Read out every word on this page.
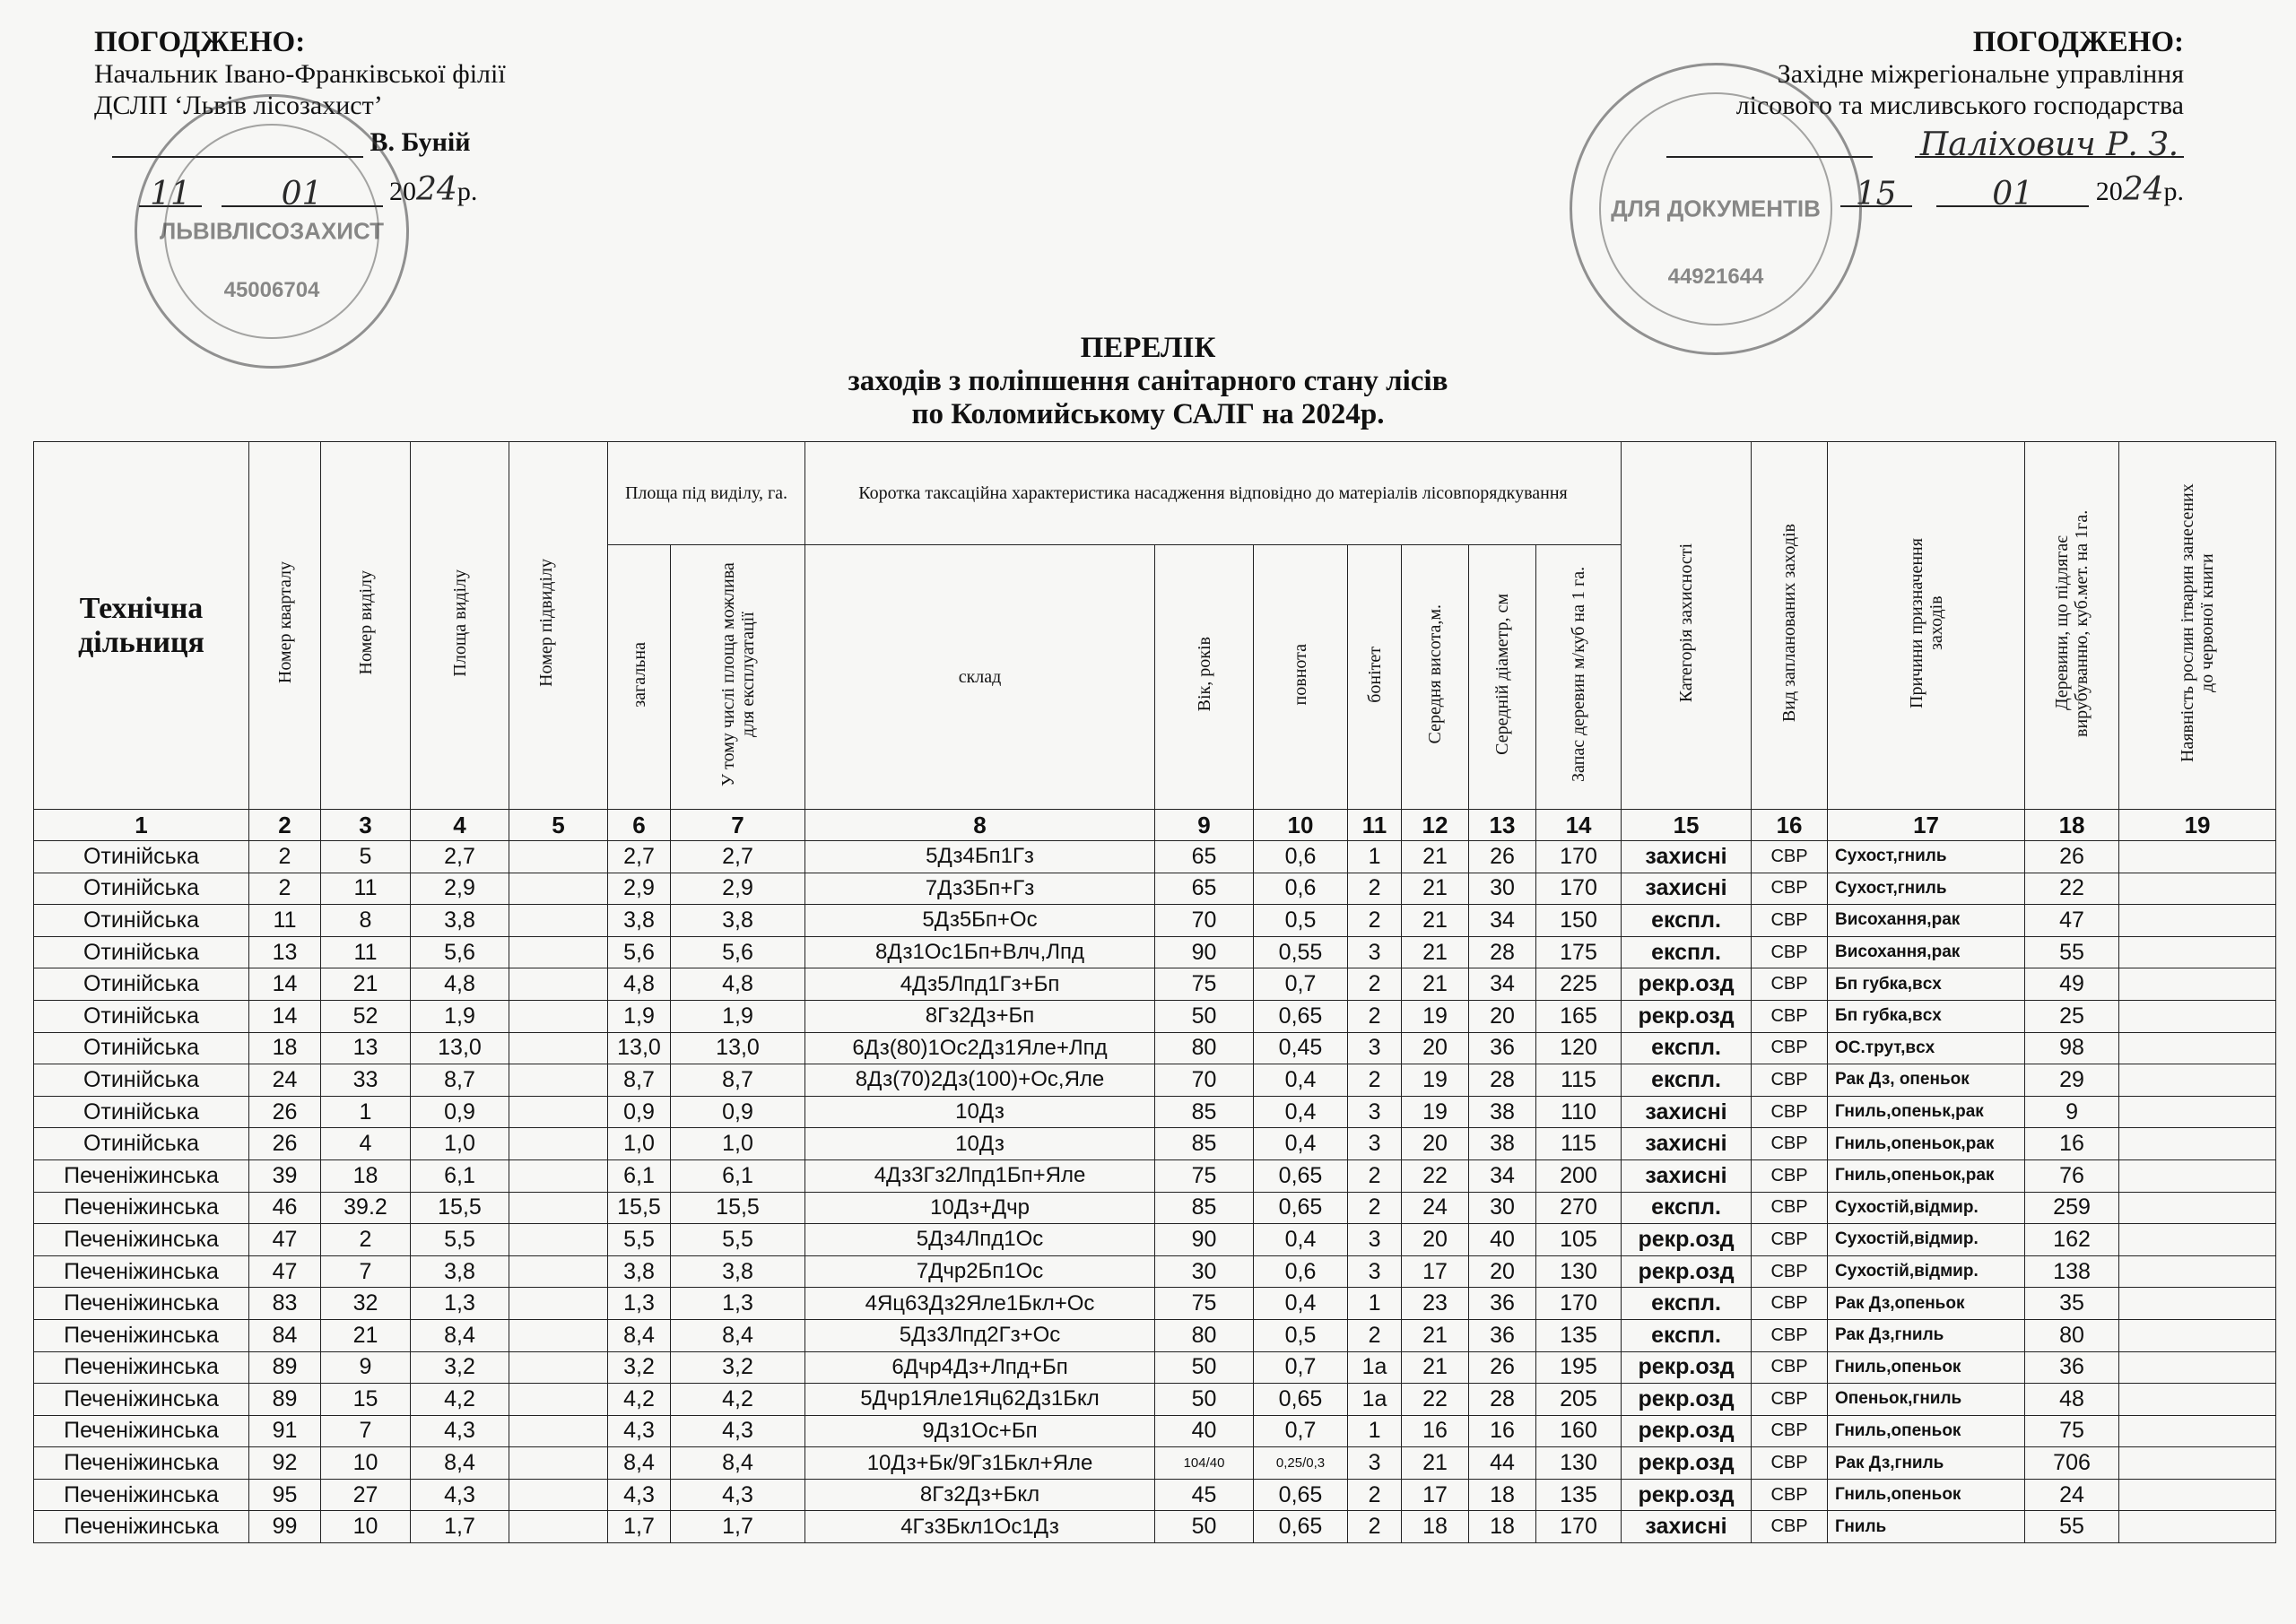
ПОГОДЖЕНО:
Начальник Івано-Франківської філії
ДСЛП ‘Львів лісозахист’
В. Буній
11	01 2024р.
ПОГОДЖЕНО:
Західне міжрегіональне управління
лісового та мисливського господарства
Паліхович Р. З.
15	01 2024р.
ЛЬВІВЛІСОЗАХИСТ
45006704
ДЛЯ ДОКУМЕНТІВ
44921644
ПЕРЕЛІК
заходів з поліпшення санітарного стану лісів
по Коломийському САЛГ на 2024р.
Технічна дільниця	Номер кварталу	Номер виділу	Площа виділу	Номер підвиділу	Площа під виділу, га.		Коротка таксаційна характеристика насадження відповідно до матеріалів лісовпорядкування							Категорія захисності	Вид запланованих заходів	Причини призначення заходів	Деревини, що підлягає вирубуванню, куб.мет. на 1га.	Наявність рослин ітварин занесених до червоної книги
					загальна	У тому числі площа можлива для експлуатації	склад	Вік, років	повнота	бонітет	Середня висота,м.	Середній діаметр, см	Запас деревин м/куб на 1 га.					
1	2	3	4	5	6	7	8	9	10	11	12	13	14	15	16	17	18	19
Отинійська	2	5	2,7		2,7	2,7	5Дз4Бп1Гз	65	0,6	1	21	26	170	захисні	СВР	Сухост,гниль	26	
Отинійська	2	11	2,9		2,9	2,9	7Дз3Бп+Гз	65	0,6	2	21	30	170	захисні	СВР	Сухост,гниль	22	
Отинійська	11	8	3,8		3,8	3,8	5Дз5Бп+Ос	70	0,5	2	21	34	150	експл.	СВР	Висохання,рак	47	
Отинійська	13	11	5,6		5,6	5,6	8Дз1Ос1Бп+Влч,Лпд	90	0,55	3	21	28	175	експл.	СВР	Висохання,рак	55	
Отинійська	14	21	4,8		4,8	4,8	4Дз5Лпд1Гз+Бп	75	0,7	2	21	34	225	рекр.озд	СВР	Бп губка,вcх	49	
Отинійська	14	52	1,9		1,9	1,9	8Гз2Дз+Бп	50	0,65	2	19	20	165	рекр.озд	СВР	Бп губка,вcх	25	
Отинійська	18	13	13,0		13,0	13,0	6Дз(80)1Ос2Дз1Яле+Лпд	80	0,45	3	20	36	120	експл.	СВР	ОС.трут,вcх	98	
Отинійська	24	33	8,7		8,7	8,7	8Дз(70)2Дз(100)+Ос,Яле	70	0,4	2	19	28	115	експл.	СВР	Рак Дз, опеньок	29	
Отинійська	26	1	0,9		0,9	0,9	10Дз	85	0,4	3	19	38	110	захисні	СВР	Гниль,опеньк,рак	9	
Отинійська	26	4	1,0		1,0	1,0	10Дз	85	0,4	3	20	38	115	захисні	СВР	Гниль,опеньок,рак	16	
Печеніжинська	39	18	6,1		6,1	6,1	4Дз3Гз2Лпд1Бп+Яле	75	0,65	2	22	34	200	захисні	СВР	Гниль,опеньок,рак	76	
Печеніжинська	46	39.2	15,5		15,5	15,5	10Дз+Дчр	85	0,65	2	24	30	270	експл.	СВР	Сухостій,відмир.	259	
Печеніжинська	47	2	5,5		5,5	5,5	5Дз4Лпд1Ос	90	0,4	3	20	40	105	рекр.озд	СВР	Сухостій,відмир.	162	
Печеніжинська	47	7	3,8		3,8	3,8	7Дчр2Бп1Ос	30	0,6	3	17	20	130	рекр.озд	СВР	Сухостій,відмир.	138	
Печеніжинська	83	32	1,3		1,3	1,3	4Яц63Дз2Яле1Бкл+Ос	75	0,4	1	23	36	170	експл.	СВР	Рак Дз,опеньок	35	
Печеніжинська	84	21	8,4		8,4	8,4	5Дз3Лпд2Гз+Ос	80	0,5	2	21	36	135	експл.	СВР	Рак Дз,гниль	80	
Печеніжинська	89	9	3,2		3,2	3,2	6Дчр4Дз+Лпд+Бп	50	0,7	1а	21	26	195	рекр.озд	СВР	Гниль,опеньок	36	
Печеніжинська	89	15	4,2		4,2	4,2	5Дчр1Яле1Яц62Дз1Бкл	50	0,65	1а	22	28	205	рекр.озд	СВР	Опеньок,гниль	48	
Печеніжинська	91	7	4,3		4,3	4,3	9Дз1Ос+Бп	40	0,7	1	16	16	160	рекр.озд	СВР	Гниль,опеньок	75	
Печеніжинська	92	10	8,4		8,4	8,4	10Дз+Бк/9Гз1Бкл+Яле	104/40	0,25/0,3	3	21	44	130	рекр.озд	СВР	Рак Дз,гниль	706	
Печеніжинська	95	27	4,3		4,3	4,3	8Гз2Дз+Бкл	45	0,65	2	17	18	135	рекр.озд	СВР	Гниль,опеньок	24	
Печеніжинська	99	10	1,7		1,7	1,7	4Гз3Бкл1Ос1Дз	50	0,65	2	18	18	170	захисні	СВР	Гниль	55	
